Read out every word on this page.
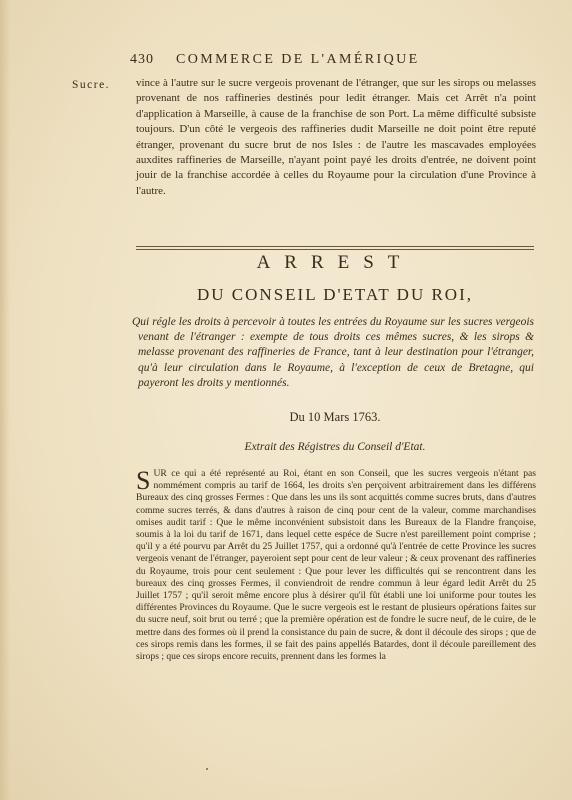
430 COMMERCE DE L'AMÉRIQUE
Sucre. vince à l'autre sur le sucre vergeois provenant de l'étranger, que sur les sirops ou melasses provenant de nos raffineries destinés pour ledit étranger. Mais cet Arrêt n'a point d'application à Marseille, à cause de la franchise de son Port. La même difficulté subsiste toujours. D'un côté le vergeois des raffineries dudit Marseille ne doit point être reputé étranger, provenant du sucre brut de nos Isles : de l'autre les mascavades employées auxdites raffineries de Marseille, n'ayant point payé les droits d'entrée, ne doivent point jouir de la franchise accordée à celles du Royaume pour la circulation d'une Province à l'autre.

ARREST
DU CONSEIL D'ETAT DU ROI,

Qui régle les droits à percevoir à toutes les entrées du Royaume sur les sucres vergeois venant de l'étranger : exempte de tous droits ces mêmes sucres, & les sirops & melasse provenant des raffineries de France, tant à leur destination pour l'étranger, qu'à leur circulation dans le Royaume, à l'exception de ceux de Bretagne, qui payeront les droits y mentionnés.

Du 10 Mars 1763.
Extrait des Régistres du Conseil d'Etat.

SUR ce qui a été représenté au Roi, étant en son Conseil, que les sucres vergeois n'étant pas nommément compris au tarif de 1664, les droits s'en perçoivent arbitrairement dans les différens Bureaux des cinq grosses Fermes : Que dans les uns ils sont acquittés comme sucres bruts, dans d'autres comme sucres terrés, & dans d'autres à raison de cinq pour cent de la valeur, comme marchandises omises audit tarif : Que le même inconvénient subsistoit dans les Bureaux de la Flandre françoise, soumis à la loi du tarif de 1671, dans lequel cette espéce de Sucre n'est pareillement point comprise ; qu'il y a été pourvu par Arrêt du 25 Juillet 1757, qui a ordonné qu'à l'entrée de cette Province les sucres vergeois venant de l'étranger, payeroient sept pour cent de leur valeur ; & ceux provenant des raffineries du Royaume, trois pour cent seulement : Que pour lever les difficultés qui se rencontrent dans les bureaux des cinq grosses Fermes, il conviendroit de rendre commun à leur égard ledit Arrêt du 25 Juillet 1757 ; qu'il seroit même encore plus à désirer qu'il fût établi une loi uniforme pour toutes les différentes Provinces du Royaume. Que le sucre vergeois est le restant de plusieurs opérations faites sur du sucre neuf, soit brut ou terré ; que la première opération est de fondre le sucre neuf, de le cuire, de le mettre dans des formes où il prend la consistance du pain de sucre, & dont il découle des sirops ; que de ces sirops remis dans les formes, il se fait des pains appellés Batardes, dont il découle pareillement des sirops ; que ces sirops encore recuits, prennent dans les formes la
